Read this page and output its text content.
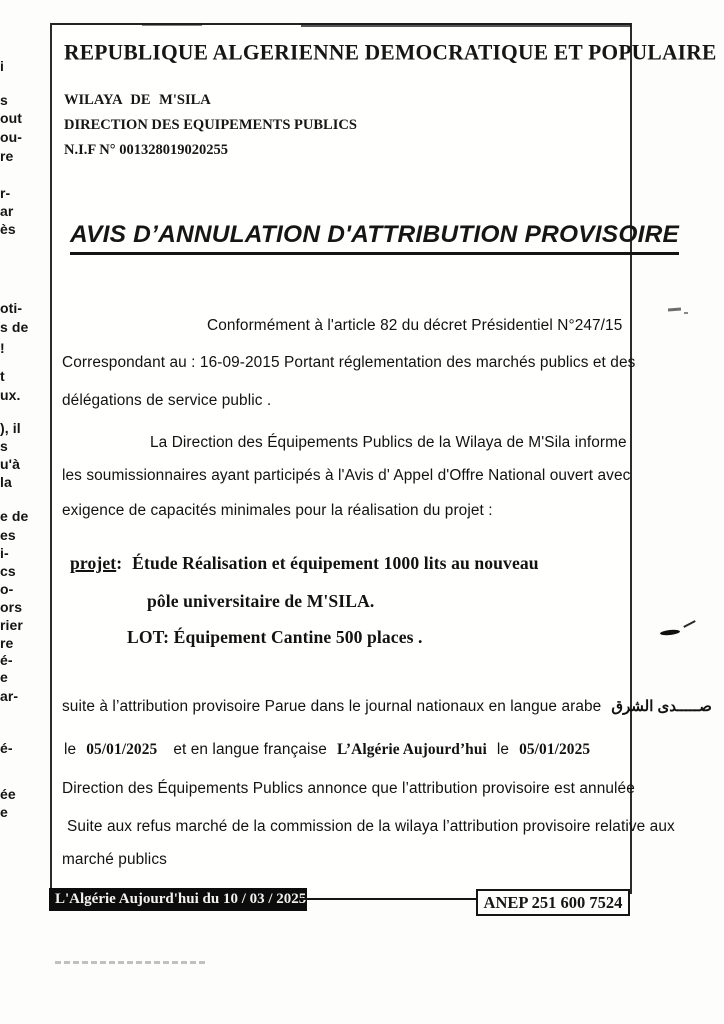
i
s
out
ou-
re
r-
ar
ès
oti-
s de
!
t
ux.
), il
s
u'à
la
e de
es
i-
cs
o-
ors
rier
re
é-
e
ar-
é-
ée
e
REPUBLIQUE ALGERIENNE DEMOCRATIQUE ET POPULAIRE
WILAYA DE M'SILA
DIRECTION DES EQUIPEMENTS PUBLICS
N.I.F N° 001328019020255
AVIS D’ANNULATION D'ATTRIBUTION PROVISOIRE
Conformément à l'article 82 du décret Présidentiel N°247/15
Correspondant au : 16-09-2015 Portant réglementation des marchés publics et des
délégations de service public .
La Direction des Équipements Publics de la Wilaya de M'Sila informe
les soumissionnaires ayant participés à l'Avis d' Appel d'Offre National ouvert avec
exigence de capacités minimales pour la réalisation du projet :
projet: Étude Réalisation et équipement 1000 lits au nouveau
pôle universitaire de M'SILA.
LOT: Équipement Cantine 500 places .
suite à l’attribution provisoire Parue dans le journal nationaux en langue arabe صـــــدى الشرق
le 05/01/2025 et en langue française L’Algérie Aujourd’hui le 05/01/2025
Direction des Équipements Publics annonce que l’attribution provisoire est annulée
Suite aux refus marché de la commission de la wilaya l’attribution provisoire relative aux
marché publics
L'Algérie Aujourd'hui du 10 / 03 / 2025	ANEP 251 600 7524
